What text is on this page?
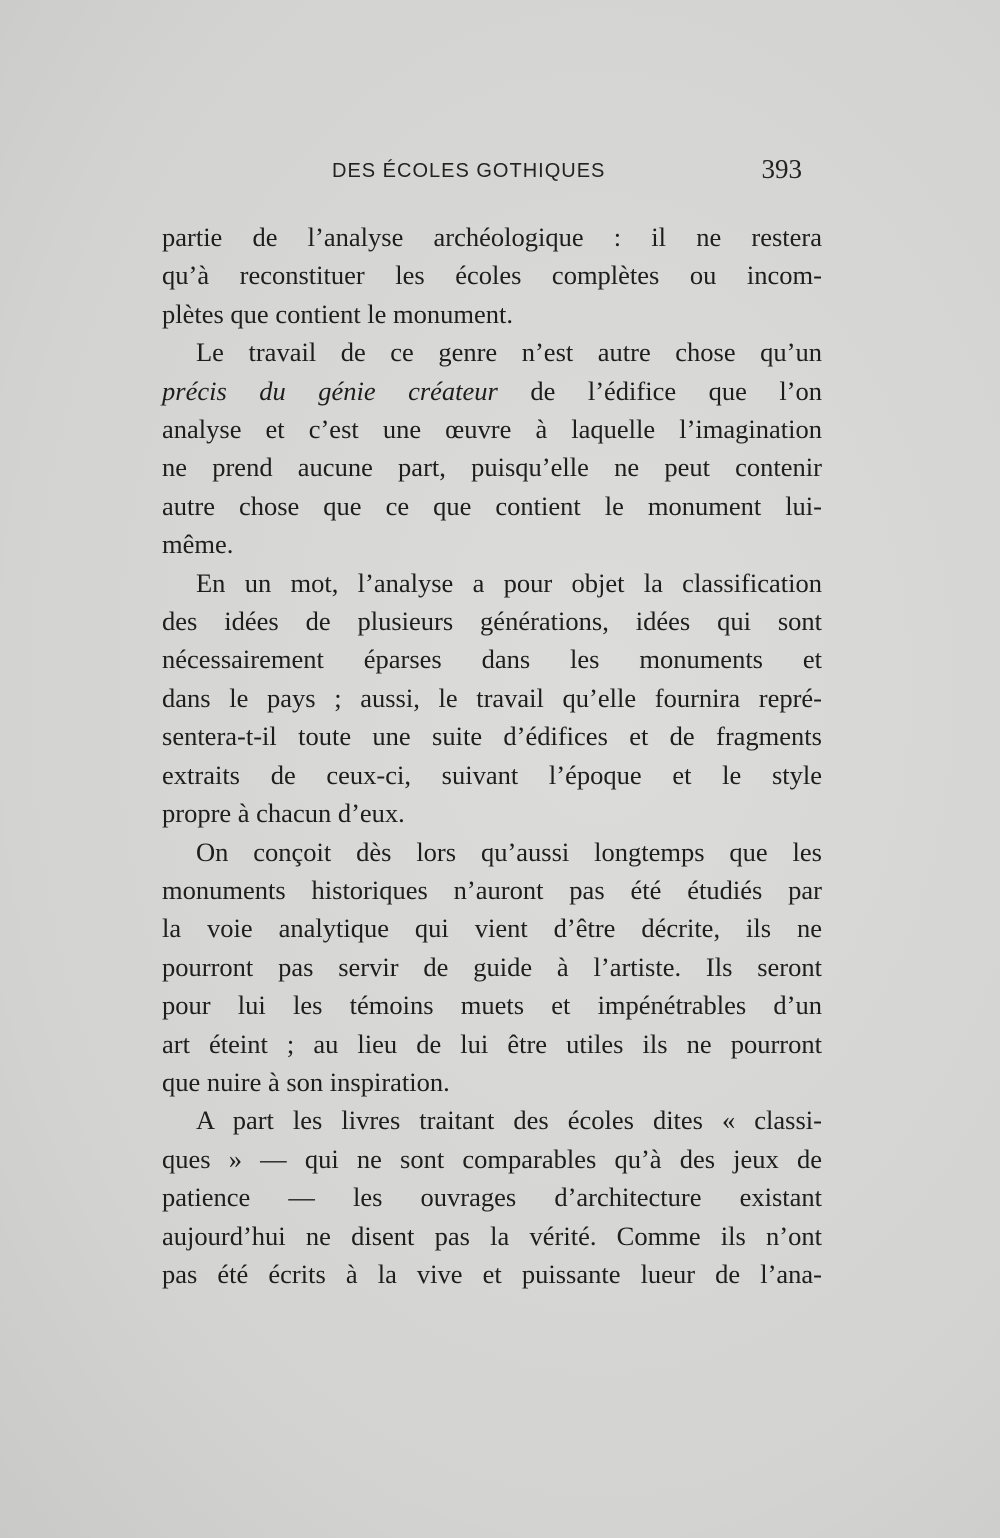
DES ÉCOLES GOTHIQUES	393

partie de l’analyse archéologique : il ne restera
qu’à reconstituer les écoles complètes ou incom-
plètes que contient le monument.

Le travail de ce genre n’est autre chose qu’un
précis du génie créateur de l’édifice que l’on
analyse et c’est une œuvre à laquelle l’imagination
ne prend aucune part, puisqu’elle ne peut contenir
autre chose que ce que contient le monument lui-
même.

En un mot, l’analyse a pour objet la classification
des idées de plusieurs générations, idées qui sont
nécessairement éparses dans les monuments et
dans le pays ; aussi, le travail qu’elle fournira repré-
sentera-t-il toute une suite d’édifices et de fragments
extraits de ceux-ci, suivant l’époque et le style
propre à chacun d’eux.

On conçoit dès lors qu’aussi longtemps que les
monuments historiques n’auront pas été étudiés par
la voie analytique qui vient d’être décrite, ils ne
pourront pas servir de guide à l’artiste. Ils seront
pour lui les témoins muets et impénétrables d’un
art éteint ; au lieu de lui être utiles ils ne pourront
que nuire à son inspiration.

A part les livres traitant des écoles dites « classi-
ques » — qui ne sont comparables qu’à des jeux de
patience — les ouvrages d’architecture existant
aujourd’hui ne disent pas la vérité. Comme ils n’ont
pas été écrits à la vive et puissante lueur de l’ana-
